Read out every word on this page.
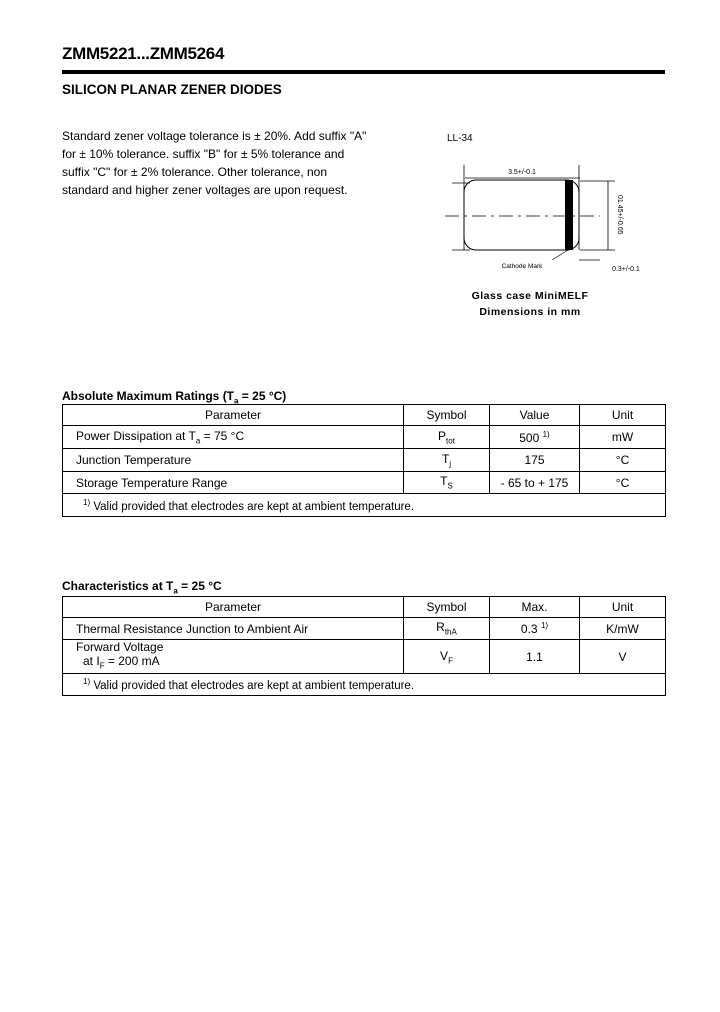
ZMM5221...ZMM5264
SILICON PLANAR ZENER DIODES
Standard zener voltage tolerance is ± 20%. Add suffix "A"
for ± 10% tolerance. suffix "B" for ± 5% tolerance and
suffix "C" for ± 2% tolerance. Other tolerance, non
standard and higher zener voltages are upon request.
LL-34
3.5+/-0.1
01.45+/-0.05
0.3+/-0.1
Cathode Mark
Glass case MiniMELF
Dimensions in mm
Absolute Maximum Ratings ($T_a = 25$ °C)
Parameter	Symbol	Value	Unit
Power Dissipation at $T_a = 75$ °C	$P_{tot}$	500 $^{1)}$	mW
Junction Temperature	$T_j$	175	°C
Storage Temperature Range	$T_S$	- 65 to + 175	°C
$^{1)}$ Valid provided that electrodes are kept at ambient temperature.			
Characteristics at $T_a = 25$ °C
Parameter	Symbol	Max.	Unit
Thermal Resistance Junction to Ambient Air	$R_{thA}$	0.3 $^{1)}$	K/mW

Forward Voltage
at $I_F = 200$ mA	$V_F$	1.1	V
$^{1)}$ Valid provided that electrodes are kept at ambient temperature.			
